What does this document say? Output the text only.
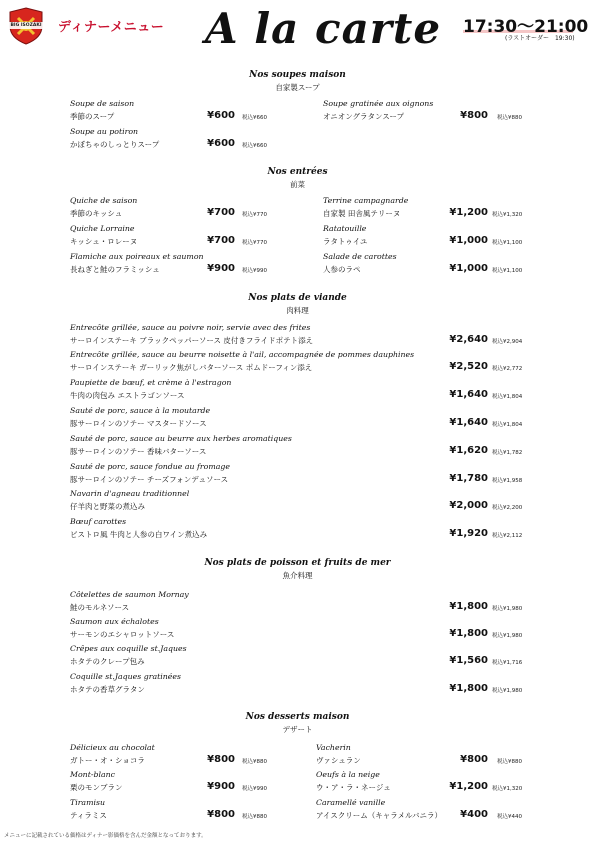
BIG ISOZAKI ディナーメニュー A la carte 17:30〜21:00
(ラストオーダー　19:30)
Nos soupes maison
自家製スープ
Soupe de saison
季節のスープ	¥600 税込¥660
Soupe au potiron
かぼちゃのしっとりスープ	¥600 税込¥660
Soupe gratinée aux oignons
オニオングラタンスープ	¥800 税込¥880
Nos entrées
前菜
Quiche de saison
季節のキッシュ	¥700 税込¥770
Quiche Lorraine
キッシュ・ロレーヌ	¥700 税込¥770
Flamiche aux poireaux et saumon
長ねぎと鮭のフラミッシュ	¥900 税込¥990
Terrine campagnarde
自家製 田舎風テリーヌ	¥1,200 税込¥1,320
Ratatouille
ラタトゥイユ	¥1,000 税込¥1,100
Salade de carottes
人参のラペ	¥1,000 税込¥1,100
Nos plats de viande
肉料理
Entrecôte grillée, sauce au poivre noir, servie avec des frites
サーロインステーキ ブラックペッパーソース 皮付きフライドポテト添え	¥2,640 税込¥2,904
Entrecôte grillée, sauce au beurre noisette à l'ail, accompagnée de pommes dauphines
サーロインステーキ ガーリック焦がしバターソース ポムドーフィン添え	¥2,520 税込¥2,772
Paupiette de bœuf, et crème à l'estragon
牛肉の肉包み エストラゴンソース	¥1,640 税込¥1,804
Sauté de porc, sauce à la moutarde
豚サーロインのソテー マスタードソース	¥1,640 税込¥1,804
Sauté de porc, sauce au beurre aux herbes aromatiques
豚サーロインのソテー 香味バターソース	¥1,620 税込¥1,782
Sauté de porc, sauce fondue au fromage
豚サーロインのソテー チーズフォンデュソース	¥1,780 税込¥1,958
Navarin d'agneau traditionnel
仔羊肉と野菜の煮込み	¥2,000 税込¥2,200
Bœuf carottes
ビストロ風 牛肉と人参の白ワイン煮込み	¥1,920 税込¥2,112
Nos plats de poisson et fruits de mer
魚介料理
Côtelettes de saumon Mornay
鮭のモルネソース	¥1,800 税込¥1,980
Saumon aux échalotes
サーモンのエシャロットソース	¥1,800 税込¥1,980
Crêpes aux coquille st.Jaques
ホタテのクレープ包み	¥1,560 税込¥1,716
Coquille st.Jaques gratinées
ホタテの香草グラタン	¥1,800 税込¥1,980
Nos desserts maison
デザート
Délicieux au chocolat
ガトー・オ・ショコラ	¥800 税込¥880
Mont-blanc
栗のモンブラン	¥900 税込¥990
Tiramisu
ティラミス	¥800 税込¥880
Vacherin
ヴァシュラン	¥800 税込¥880
Oeufs à la neige
ウ・ア・ラ・ネージュ	¥1,200 税込¥1,320
Caramellé vanille
アイスクリーム（キャラメルバニラ）	¥400 税込¥440
メニューに記載されている価格はディナー影価格を含んだ金額となっております。
